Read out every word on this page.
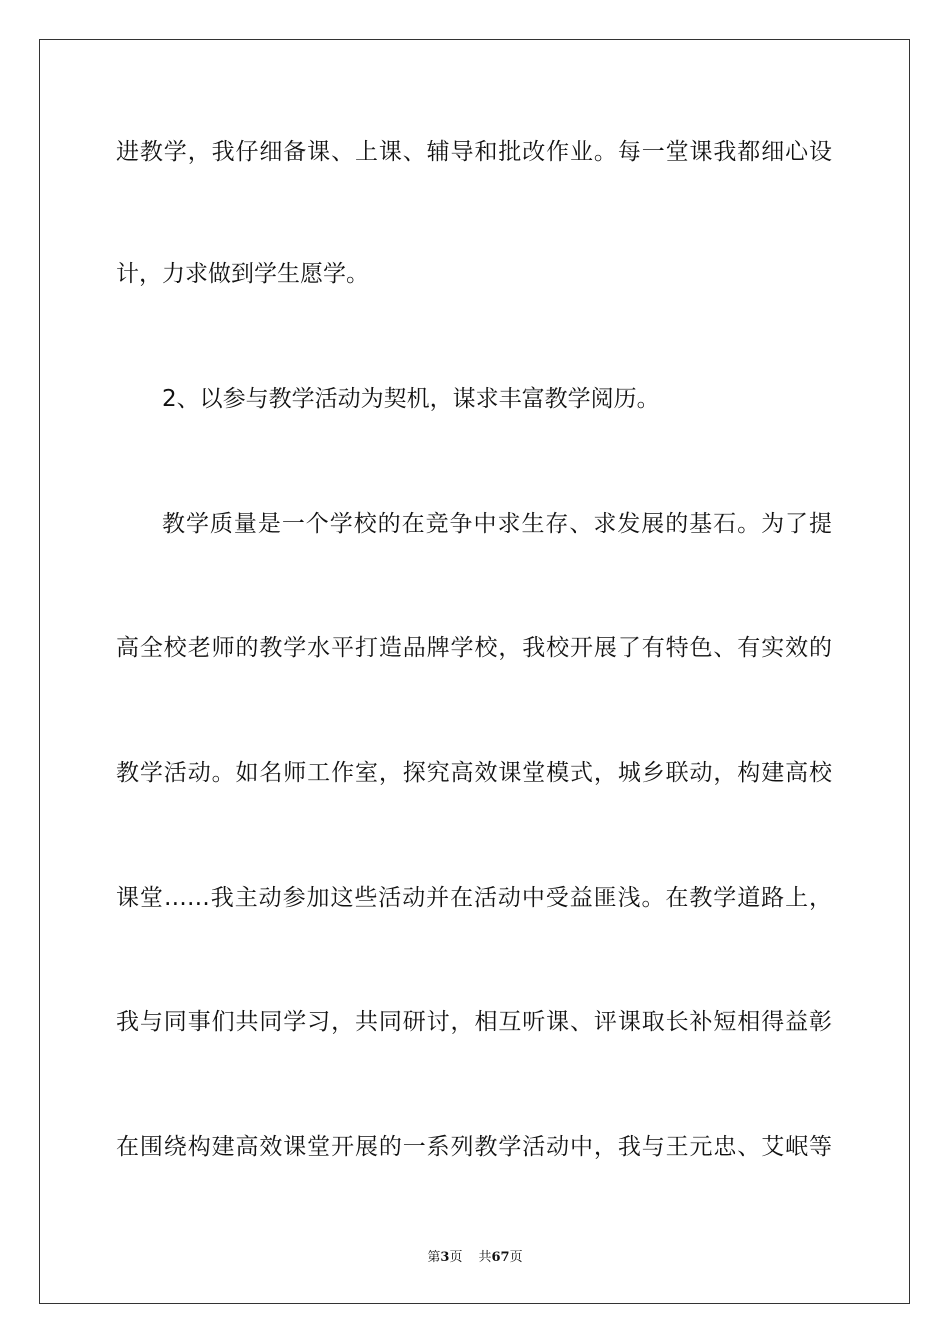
进教学，我仔细备课、上课、辅导和批改作业。每一堂课我都细心设
计，力求做到学生愿学。
2、以参与教学活动为契机，谋求丰富教学阅历。
教学质量是一个学校的在竞争中求生存、求发展的基石。为了提
高全校老师的教学水平打造品牌学校，我校开展了有特色、有实效的
教学活动。如名师工作室，探究高效课堂模式，城乡联动，构建高校
课堂……我主动参加这些活动并在活动中受益匪浅。在教学道路上，
我与同事们共同学习，共同研讨，相互听课、评课取长补短相得益彰
在围绕构建高效课堂开展的一系列教学活动中，我与王元忠、艾岷等
第3页 共67页
